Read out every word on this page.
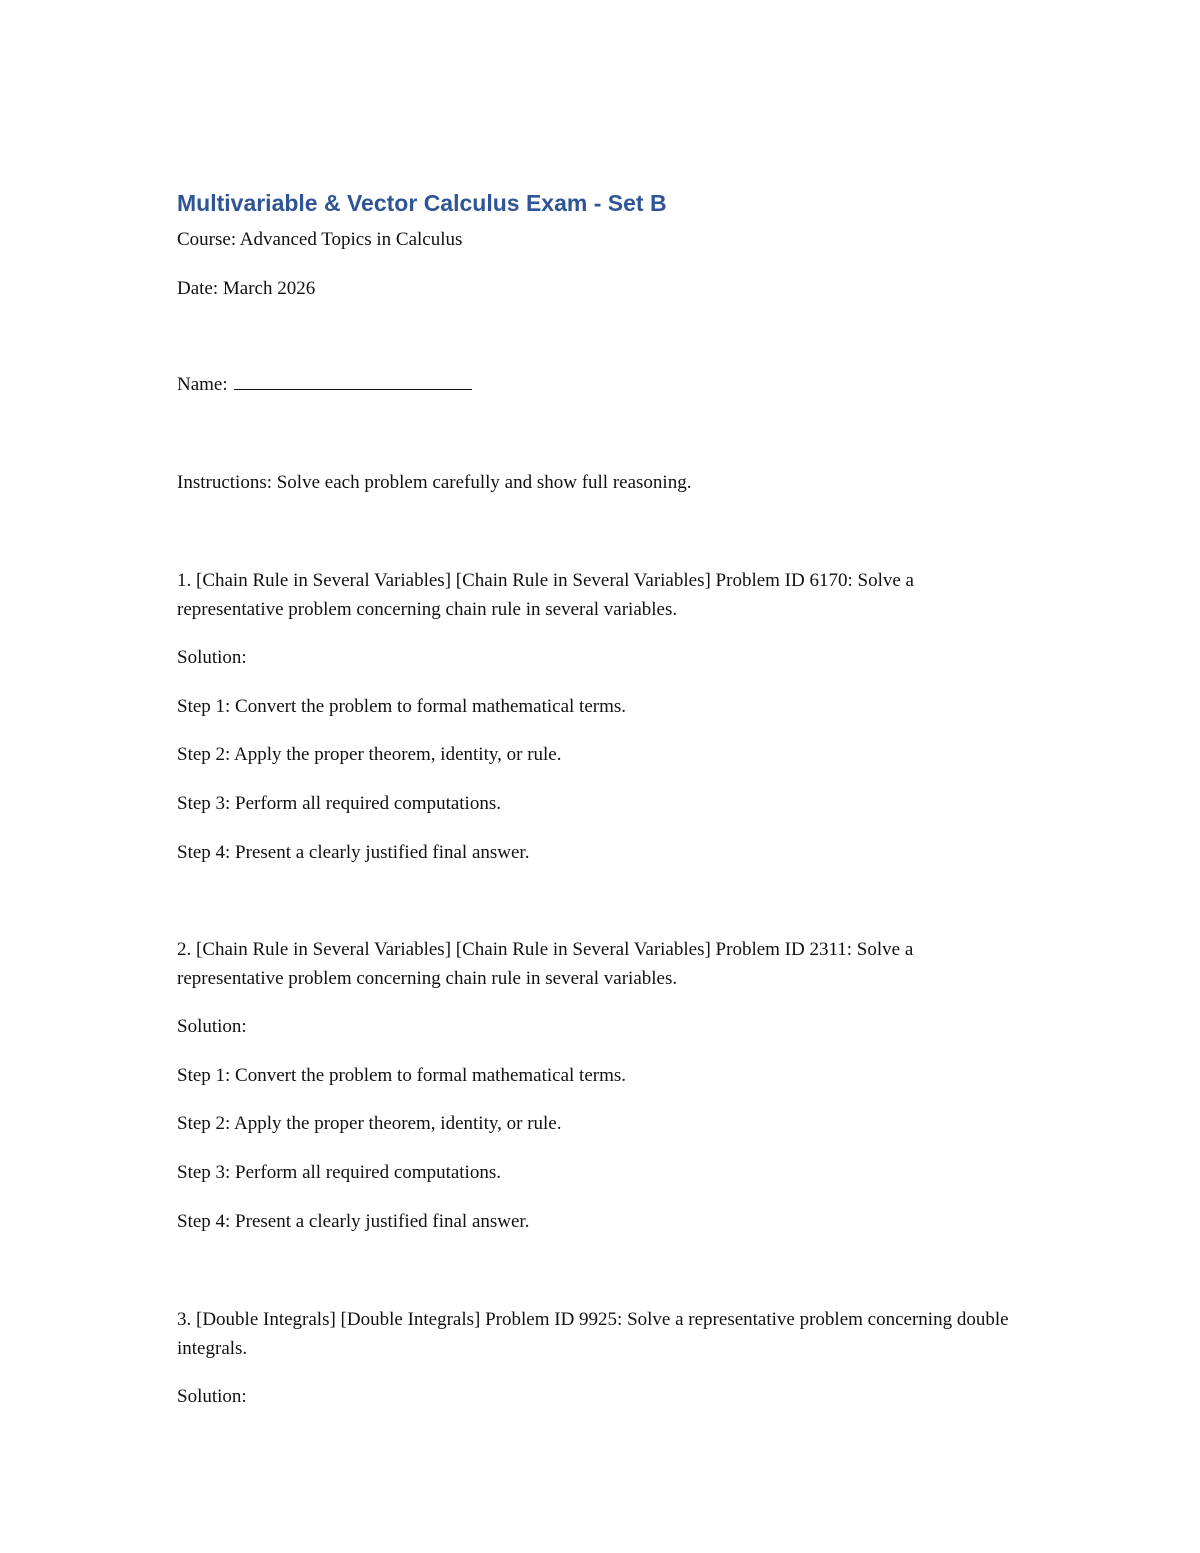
Multivariable & Vector Calculus Exam - Set B
Course: Advanced Topics in Calculus
Date: March 2026
Name:
Instructions: Solve each problem carefully and show full reasoning.
1. [Chain Rule in Several Variables] [Chain Rule in Several Variables] Problem ID 6170: Solve a representative problem concerning chain rule in several variables.
Solution:
Step 1: Convert the problem to formal mathematical terms.
Step 2: Apply the proper theorem, identity, or rule.
Step 3: Perform all required computations.
Step 4: Present a clearly justified final answer.
2. [Chain Rule in Several Variables] [Chain Rule in Several Variables] Problem ID 2311: Solve a representative problem concerning chain rule in several variables.
Solution:
Step 1: Convert the problem to formal mathematical terms.
Step 2: Apply the proper theorem, identity, or rule.
Step 3: Perform all required computations.
Step 4: Present a clearly justified final answer.
3. [Double Integrals] [Double Integrals] Problem ID 9925: Solve a representative problem concerning double integrals.
Solution:
